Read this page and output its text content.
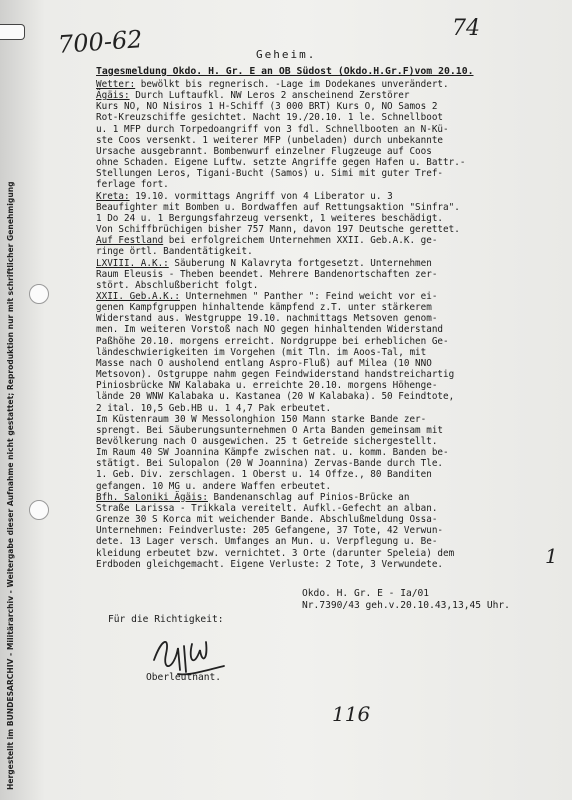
Hergestellt im BUNDESARCHIV - Militärarchiv - Weitergabe dieser Aufnahme nicht gestattet; Reproduktion nur mit schriftlicher Genehmigung
700-62	74
1
116
Geheim.
Tagesmeldung Okdo. H. Gr. E an OB Südost (Okdo.H.Gr.F)vom 20.10.
Wetter: bewölkt bis regnerisch. -Lage im Dodekanes unverändert.
Ägäis: Durch Luftaufkl. NW Leros 2 anscheinend Zerstörer
Kurs NO, NO Nisiros 1 H-Schiff (3 000 BRT) Kurs O, NO Samos 2
Rot-Kreuzschiffe gesichtet. Nacht 19./20.10. 1 le. Schnellboot
u. 1 MFP durch Torpedoangriff von 3 fdl. Schnellbooten an N-Kü-
ste Coos versenkt. 1 weiterer MFP (unbeladen) durch unbekannte
Ursache ausgebrannt. Bombenwurf einzelner Flugzeuge auf Coos
ohne Schaden. Eigene Luftw. setzte Angriffe gegen Hafen u. Battr.-
Stellungen Leros, Tigani-Bucht (Samos) u. Simi mit guter Tref-
ferlage fort.
Kreta: 19.10. vormittags Angriff von 4 Liberator u. 3
Beaufighter mit Bomben u. Bordwaffen auf Rettungsaktion "Sinfra".
1 Do 24 u. 1 Bergungsfahrzeug versenkt, 1 weiteres beschädigt.
Von Schiffbrüchigen bisher 757 Mann, davon 197 Deutsche gerettet.
Auf Festland bei erfolgreichem Unternehmen XXII. Geb.A.K. ge-
ringe örtl. Bandentätigkeit.
LXVIII. A.K.: Säuberung N Kalavryta fortgesetzt. Unternehmen
Raum Eleusis - Theben beendet. Mehrere Bandenortschaften zer-
stört. Abschlußbericht folgt.
XXII. Geb.A.K.: Unternehmen " Panther ": Feind weicht vor ei-
genen Kampfgruppen hinhaltende kämpfend z.T. unter stärkerem
Widerstand aus. Westgruppe 19.10. nachmittags Metsoven genom-
men. Im weiteren Vorstoß nach NO gegen hinhaltenden Widerstand
Paßhöhe 20.10. morgens erreicht. Nordgruppe bei erheblichen Ge-
ländeschwierigkeiten im Vorgehen (mit Tln. im Aoos-Tal, mit
Masse nach O ausholend entlang Aspro-Fluß) auf Milea (10 NNO
Metsovon). Ostgruppe nahm gegen Feindwiderstand handstreichartig
Piniosbrücke NW Kalabaka u. erreichte 20.10. morgens Höhenge-
lände 20 WNW Kalabaka u. Kastanea (20 W Kalabaka). 50 Feindtote,
2 ital. 10,5 Geb.HB u. 1 4,7 Pak erbeutet.
Im Küstenraum 30 W Messolonghion 150 Mann starke Bande zer-
sprengt. Bei Säuberungsunternehmen O Arta Banden gemeinsam mit
Bevölkerung nach O ausgewichen. 25 t Getreide sichergestellt.
Im Raum 40 SW Joannina Kämpfe zwischen nat. u. komm. Banden be-
stätigt. Bei Sulopalon (20 W Joannina) Zervas-Bande durch Tle.
1. Geb. Div. zerschlagen. 1 Oberst u. 14 Offze., 80 Banditen
gefangen. 10 MG u. andere Waffen erbeutet.
Bfh. Saloniki Ägäis: Bandenanschlag auf Pinios-Brücke an
Straße Larissa - Trikkala vereitelt. Aufkl.-Gefecht an alban.
Grenze 30 S Korca mit weichender Bande. Abschlußmeldung Ossa-
Unternehmen: Feindverluste: 205 Gefangene, 37 Tote, 42 Verwun-
dete. 13 Lager versch. Umfanges an Mun. u. Verpflegung u. Be-
kleidung erbeutet bzw. vernichtet. 3 Orte (darunter Speleia) dem
Erdboden gleichgemacht. Eigene Verluste: 2 Tote, 3 Verwundete.
Okdo. H. Gr. E - Ia/01
Nr.7390/43 geh.v.20.10.43,13,45 Uhr.
Für die Richtigkeit:
Oberleutnant.
